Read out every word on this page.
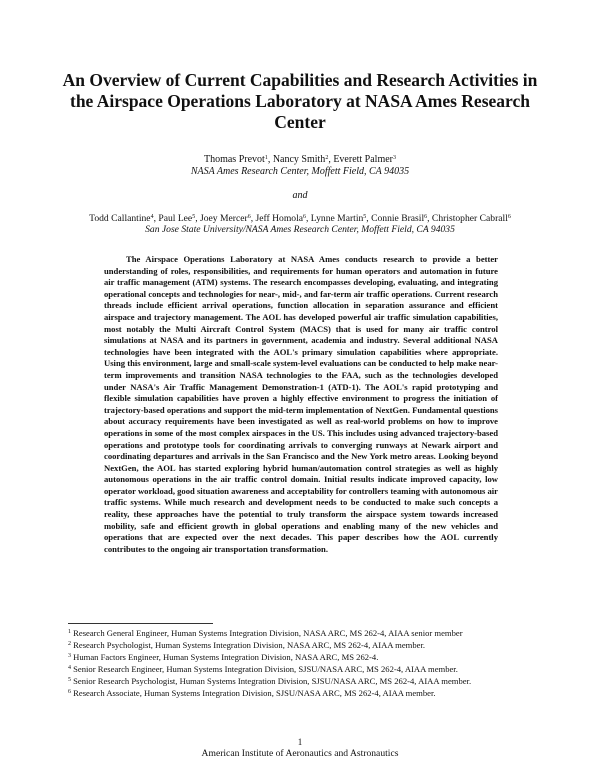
An Overview of Current Capabilities and Research Activities in the Airspace Operations Laboratory at NASA Ames Research Center
Thomas Prevot$^1$, Nancy Smith$^2$, Everett Palmer$^3$
NASA Ames Research Center, Moffett Field, CA 94035
and
Todd Callantine$^4$, Paul Lee$^5$, Joey Mercer$^6$, Jeff Homola$^6$, Lynne Martin$^5$, Connie Brasil$^6$, Christopher Cabrall$^6$
San Jose State University/NASA Ames Research Center, Moffett Field, CA 94035

The Airspace Operations Laboratory at NASA Ames conducts research to provide a better understanding of roles, responsibilities, and requirements for human operators and automation in future air traffic management (ATM) systems. The research encompasses developing, evaluating, and integrating operational concepts and technologies for near-, mid-, and far-term air traffic operations. Current research threads include efficient arrival operations, function allocation in separation assurance and efficient airspace and trajectory management. The AOL has developed powerful air traffic simulation capabilities, most notably the Multi Aircraft Control System (MACS) that is used for many air traffic control simulations at NASA and its partners in government, academia and industry. Several additional NASA technologies have been integrated with the AOL's primary simulation capabilities where appropriate. Using this environment, large and small-scale system-level evaluations can be conducted to help make near-term improvements and transition NASA technologies to the FAA, such as the technologies developed under NASA's Air Traffic Management Demonstration-1 (ATD-1). The AOL's rapid prototyping and flexible simulation capabilities have proven a highly effective environment to progress the initiation of trajectory-based operations and support the mid-term implementation of NextGen. Fundamental questions about accuracy requirements have been investigated as well as real-world problems on how to improve operations in some of the most complex airspaces in the US. This includes using advanced trajectory-based operations and prototype tools for coordinating arrivals to converging runways at Newark airport and coordinating departures and arrivals in the San Francisco and the New York metro areas. Looking beyond NextGen, the AOL has started exploring hybrid human/automation control strategies as well as highly autonomous operations in the air traffic control domain. Initial results indicate improved capacity, low operator workload, good situation awareness and acceptability for controllers teaming with autonomous air traffic systems. While much research and development needs to be conducted to make such concepts a reality, these approaches have the potential to truly transform the airspace system towards increased mobility, safe and efficient growth in global operations and enabling many of the new vehicles and operations that are expected over the next decades. This paper describes how the AOL currently contributes to the ongoing air transportation transformation.

$^1$ Research General Engineer, Human Systems Integration Division, NASA ARC, MS 262-4, AIAA senior member
$^2$ Research Psychologist, Human Systems Integration Division, NASA ARC, MS 262-4, AIAA member.
$^3$ Human Factors Engineer, Human Systems Integration Division, NASA ARC, MS 262-4.
$^4$ Senior Research Engineer, Human Systems Integration Division, SJSU/NASA ARC, MS 262-4, AIAA member.
$^5$ Senior Research Psychologist, Human Systems Integration Division, SJSU/NASA ARC, MS 262-4, AIAA member.
$^6$ Research Associate, Human Systems Integration Division, SJSU/NASA ARC, MS 262-4, AIAA member.
1
American Institute of Aeronautics and Astronautics
